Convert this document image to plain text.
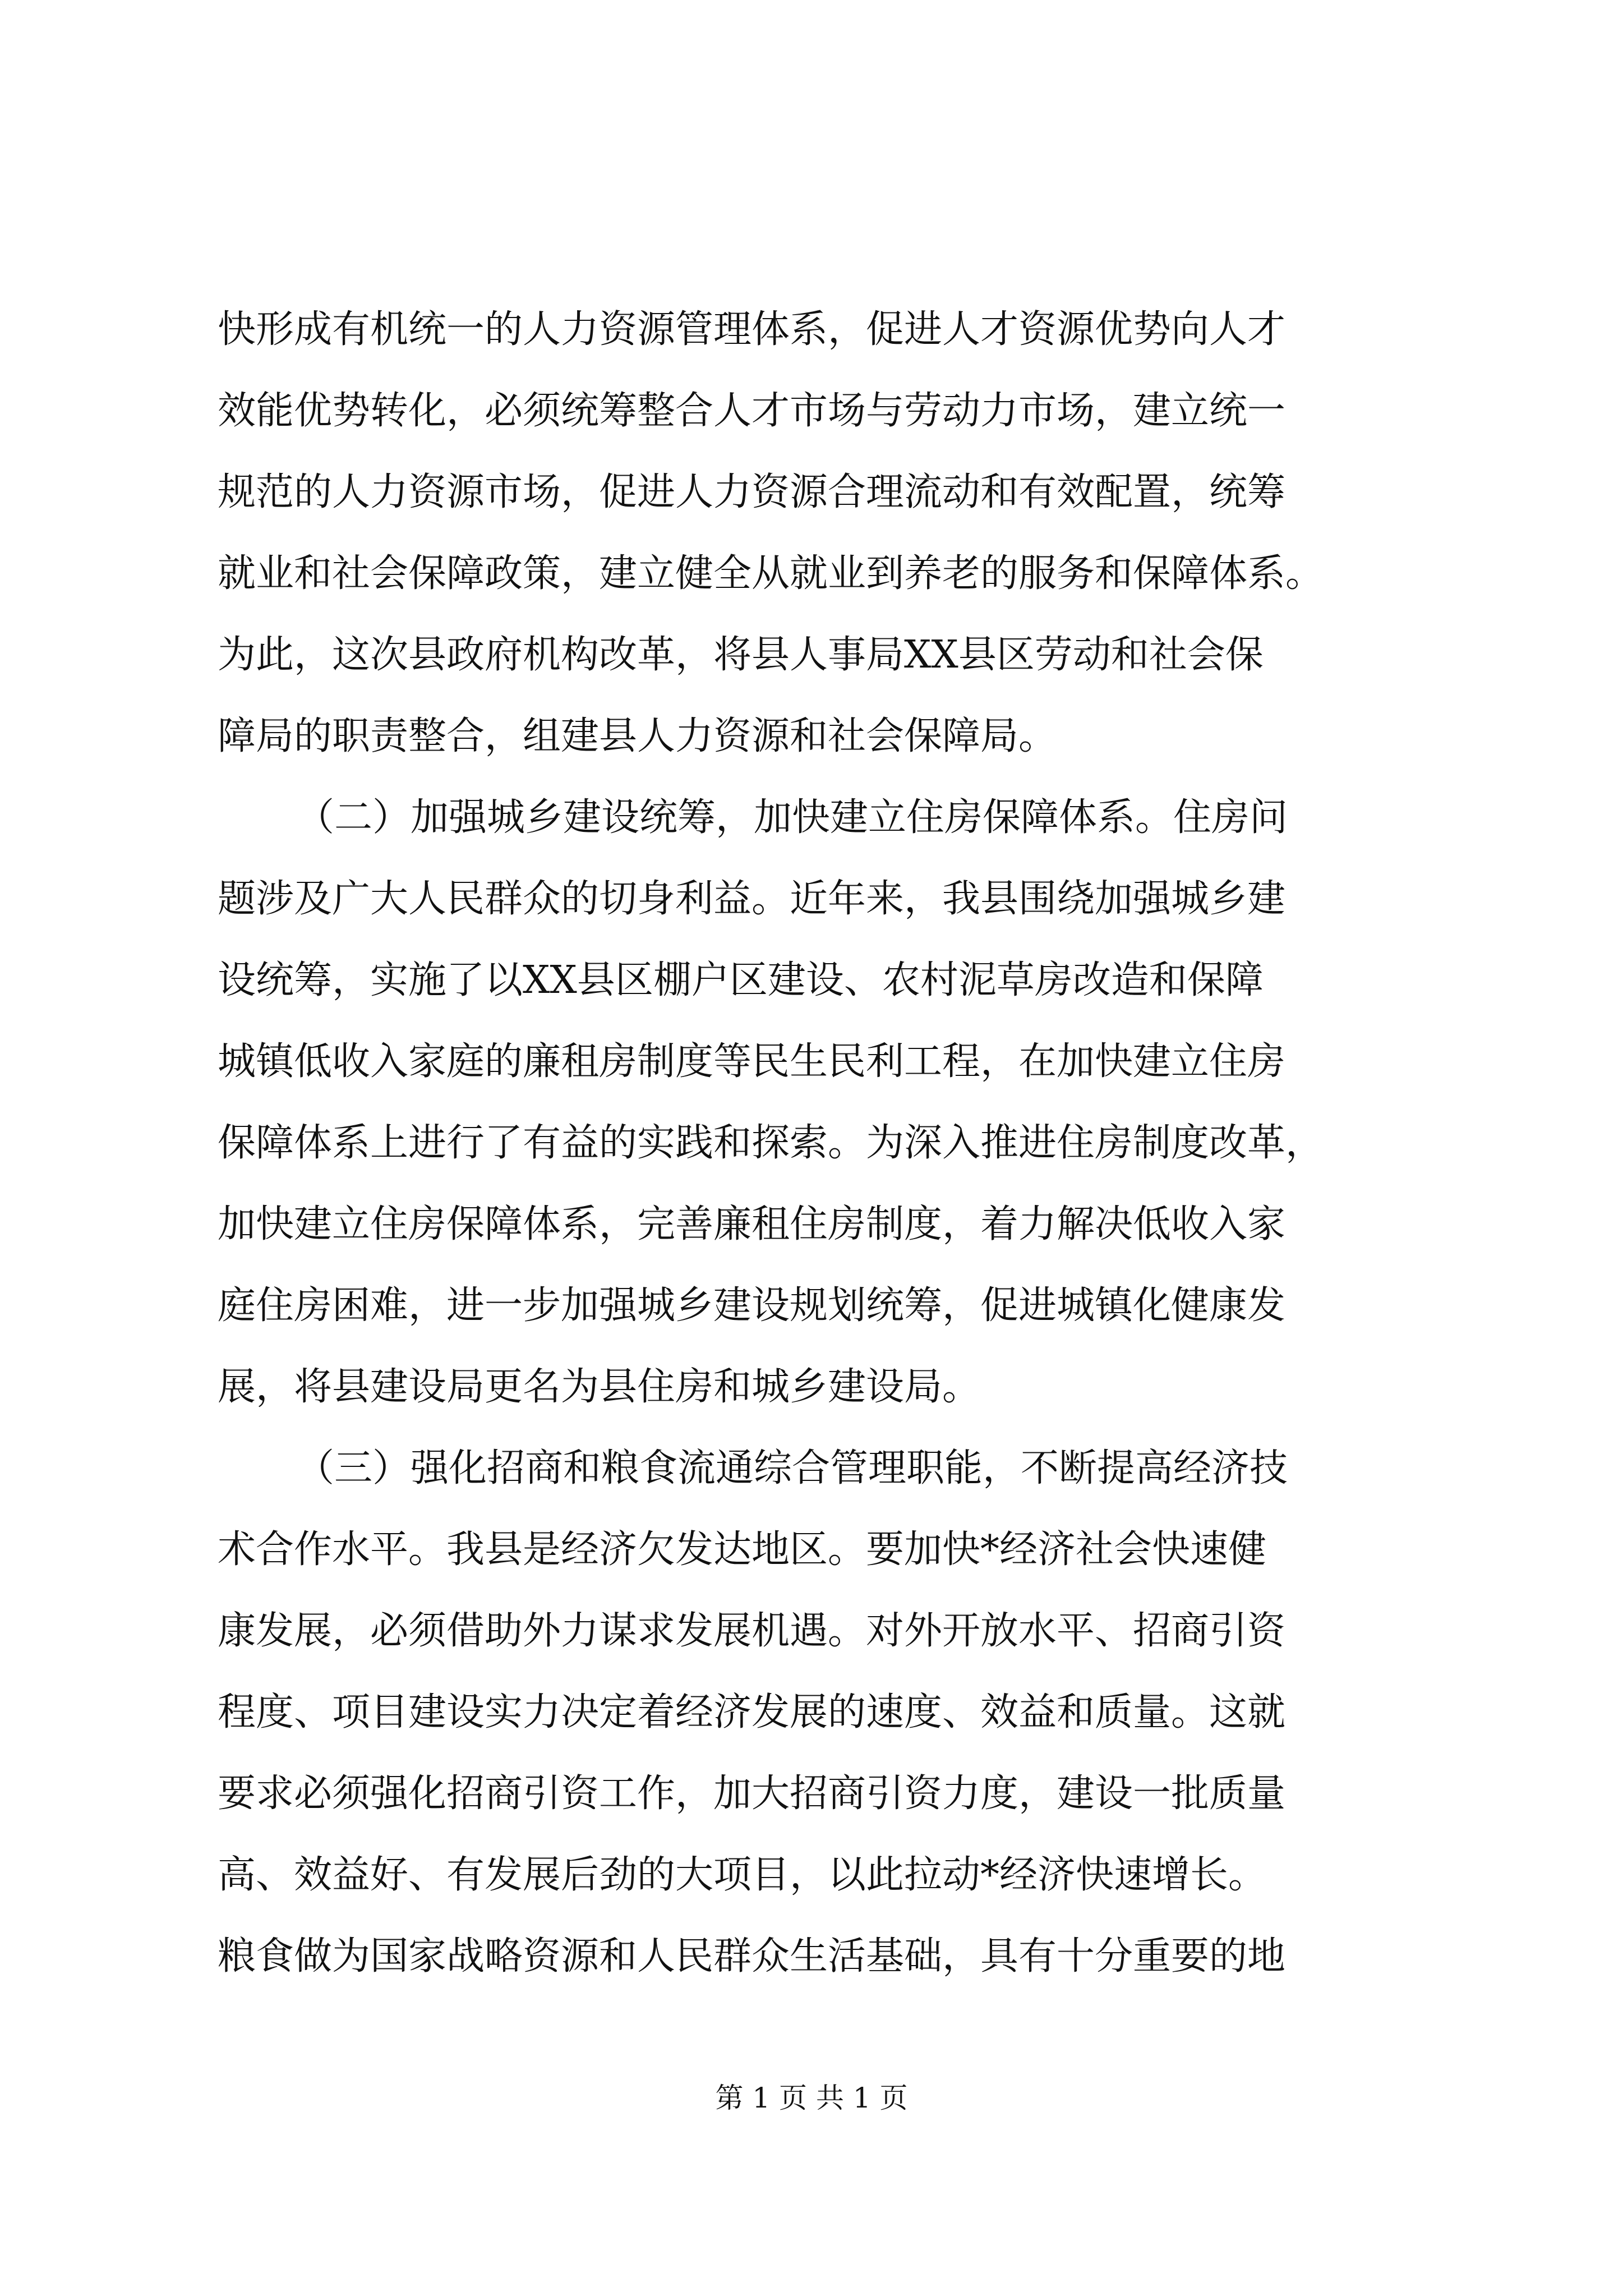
快形成有机统一的人力资源管理体系，促进人才资源优势向人才
效能优势转化，必须统筹整合人才市场与劳动力市场，建立统一
规范的人力资源市场，促进人力资源合理流动和有效配置，统筹
就业和社会保障政策，建立健全从就业到养老的服务和保障体系。
为此，这次县政府机构改革，将县人事局XX县区劳动和社会保
障局的职责整合，组建县人力资源和社会保障局。
（二）加强城乡建设统筹，加快建立住房保障体系。住房问
题涉及广大人民群众的切身利益。近年来，我县围绕加强城乡建
设统筹，实施了以XX县区棚户区建设、农村泥草房改造和保障
城镇低收入家庭的廉租房制度等民生民利工程，在加快建立住房
保障体系上进行了有益的实践和探索。为深入推进住房制度改革，
加快建立住房保障体系，完善廉租住房制度，着力解决低收入家
庭住房困难，进一步加强城乡建设规划统筹，促进城镇化健康发
展，将县建设局更名为县住房和城乡建设局。
（三）强化招商和粮食流通综合管理职能，不断提高经济技
术合作水平。我县是经济欠发达地区。要加快*经济社会快速健
康发展，必须借助外力谋求发展机遇。对外开放水平、招商引资
程度、项目建设实力决定着经济发展的速度、效益和质量。这就
要求必须强化招商引资工作，加大招商引资力度，建设一批质量
高、效益好、有发展后劲的大项目，以此拉动*经济快速增长。
粮食做为国家战略资源和人民群众生活基础，具有十分重要的地
第 1 页 共 1 页
